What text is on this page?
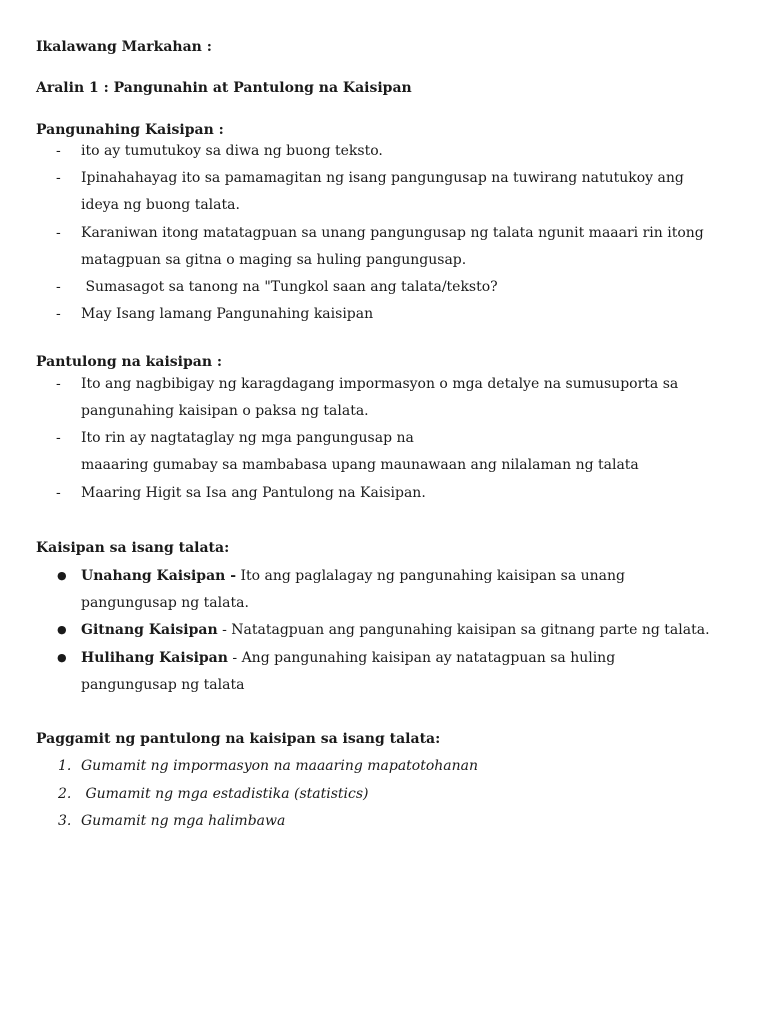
Ikalawang Markahan :
Aralin 1 : Pangunahin at Pantulong na Kaisipan
Pangunahing Kaisipan :
-	ito ay tumutukoy sa diwa ng buong teksto.
-	Ipinahahayag ito sa pamamagitan ng isang pangungusap na tuwirang natutukoy ang
ideya ng buong talata.
-	Karaniwan itong matatagpuan sa unang pangungusap ng talata ngunit maaari rin itong
matagpuan sa gitna o maging sa huling pangungusap.
-	Sumasagot sa tanong na "Tungkol saan ang talata/teksto?
-	May Isang lamang Pangunahing kaisipan
Pantulong na kaisipan :
-	Ito ang nagbibigay ng karagdagang impormasyon o mga detalye na sumusuporta sa
pangunahing kaisipan o paksa ng talata.
-	Ito rin ay nagtataglay ng mga pangungusap na
maaaring gumabay sa mambabasa upang maunawaan ang nilalaman ng talata
-	Maaring Higit sa Isa ang Pantulong na Kaisipan.
Kaisipan sa isang talata:
● Unahang Kaisipan - Ito ang paglalagay ng pangunahing kaisipan sa unang
pangungusap ng talata.
● Gitnang Kaisipan - Natatagpuan ang pangunahing kaisipan sa gitnang parte ng talata.
● Hulihang Kaisipan - Ang pangunahing kaisipan ay natatagpuan sa huling
pangungusap ng talata
Paggamit ng pantulong na kaisipan sa isang talata:
1. Gumamit ng impormasyon na maaaring mapatotohanan
2. Gumamit ng mga estadistika (statistics)
3. Gumamit ng mga halimbawa
